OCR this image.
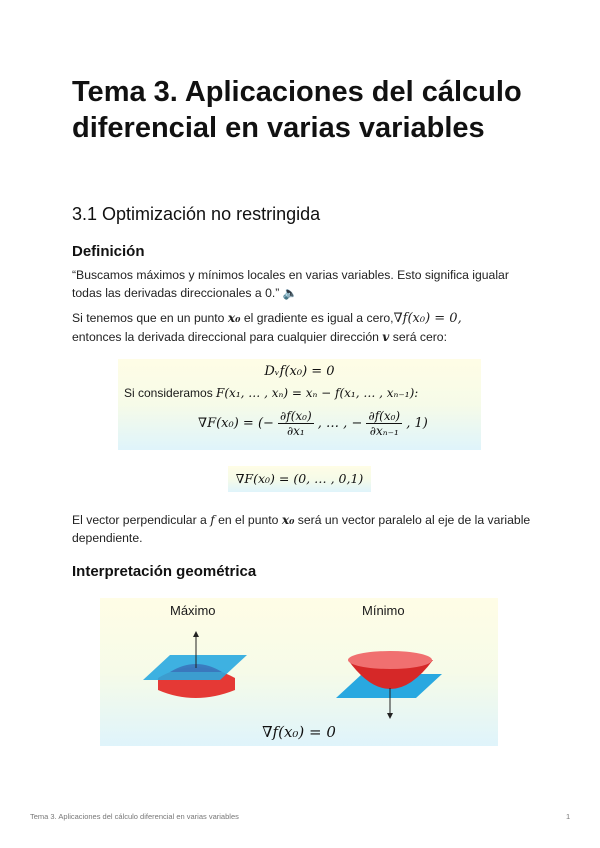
Tema 3. Aplicaciones del cálculo diferencial en varias variables
3.1 Optimización no restringida
Definición
“Buscamos máximos y mínimos locales en varias variables. Esto significa igualar todas las derivadas direccionales a 0.” 🔈
Si tenemos que en un punto x₀ el gradiente es igual a cero,∇f(x₀) = 0,
entonces la derivada direccional para cualquier dirección v será cero:
Dᵥf(x₀) = 0
Si consideramos F(x₁, … , xₙ) = xₙ − f(x₁, … , xₙ₋₁):
∇F(x₀) = (− $\frac{\text{∂f(x₀)}}{\text{∂x₁}}$ , … , − $\frac{\text{∂f(x₀)}}{\text{∂xₙ₋₁}}$ , 1)
∇F(x₀) = (0, … , 0,1)
El vector perpendicular a f en el punto x₀ será un vector paralelo al eje de la variable dependiente.
Interpretación geométrica
Máximo	Mínimo
∇f(x₀) = 0
Tema 3. Aplicaciones del cálculo diferencial en varias variables	1
